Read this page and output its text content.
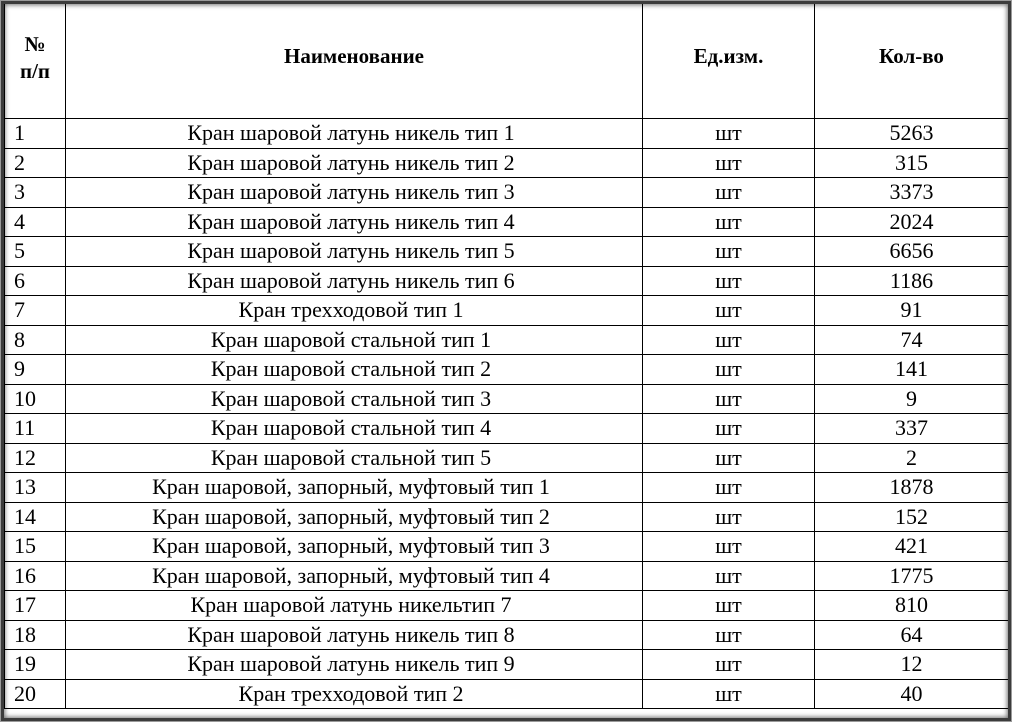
№
п/п	Наименование	Ед.изм.	Кол-во

1	Кран шаровой латунь никель тип 1	шт	5263
2	Кран шаровой латунь никель тип 2	шт	315
3	Кран шаровой латунь никель тип 3	шт	3373
4	Кран шаровой латунь никель тип 4	шт	2024
5	Кран шаровой латунь никель тип 5	шт	6656
6	Кран шаровой латунь никель тип 6	шт	1186
7	Кран трехходовой тип 1	шт	91
8	Кран шаровой стальной тип 1	шт	74
9	Кран шаровой стальной тип 2	шт	141
10	Кран шаровой стальной тип 3	шт	9
11	Кран шаровой стальной тип 4	шт	337
12	Кран шаровой стальной тип 5	шт	2
13	Кран шаровой, запорный, муфтовый тип 1	шт	1878
14	Кран шаровой, запорный, муфтовый тип 2	шт	152
15	Кран шаровой, запорный, муфтовый тип 3	шт	421
16	Кран шаровой, запорный, муфтовый тип 4	шт	1775
17	Кран шаровой латунь никельтип 7	шт	810
18	Кран шаровой латунь никель тип 8	шт	64
19	Кран шаровой латунь никель тип 9	шт	12
20	Кран трехходовой тип 2	шт	40
